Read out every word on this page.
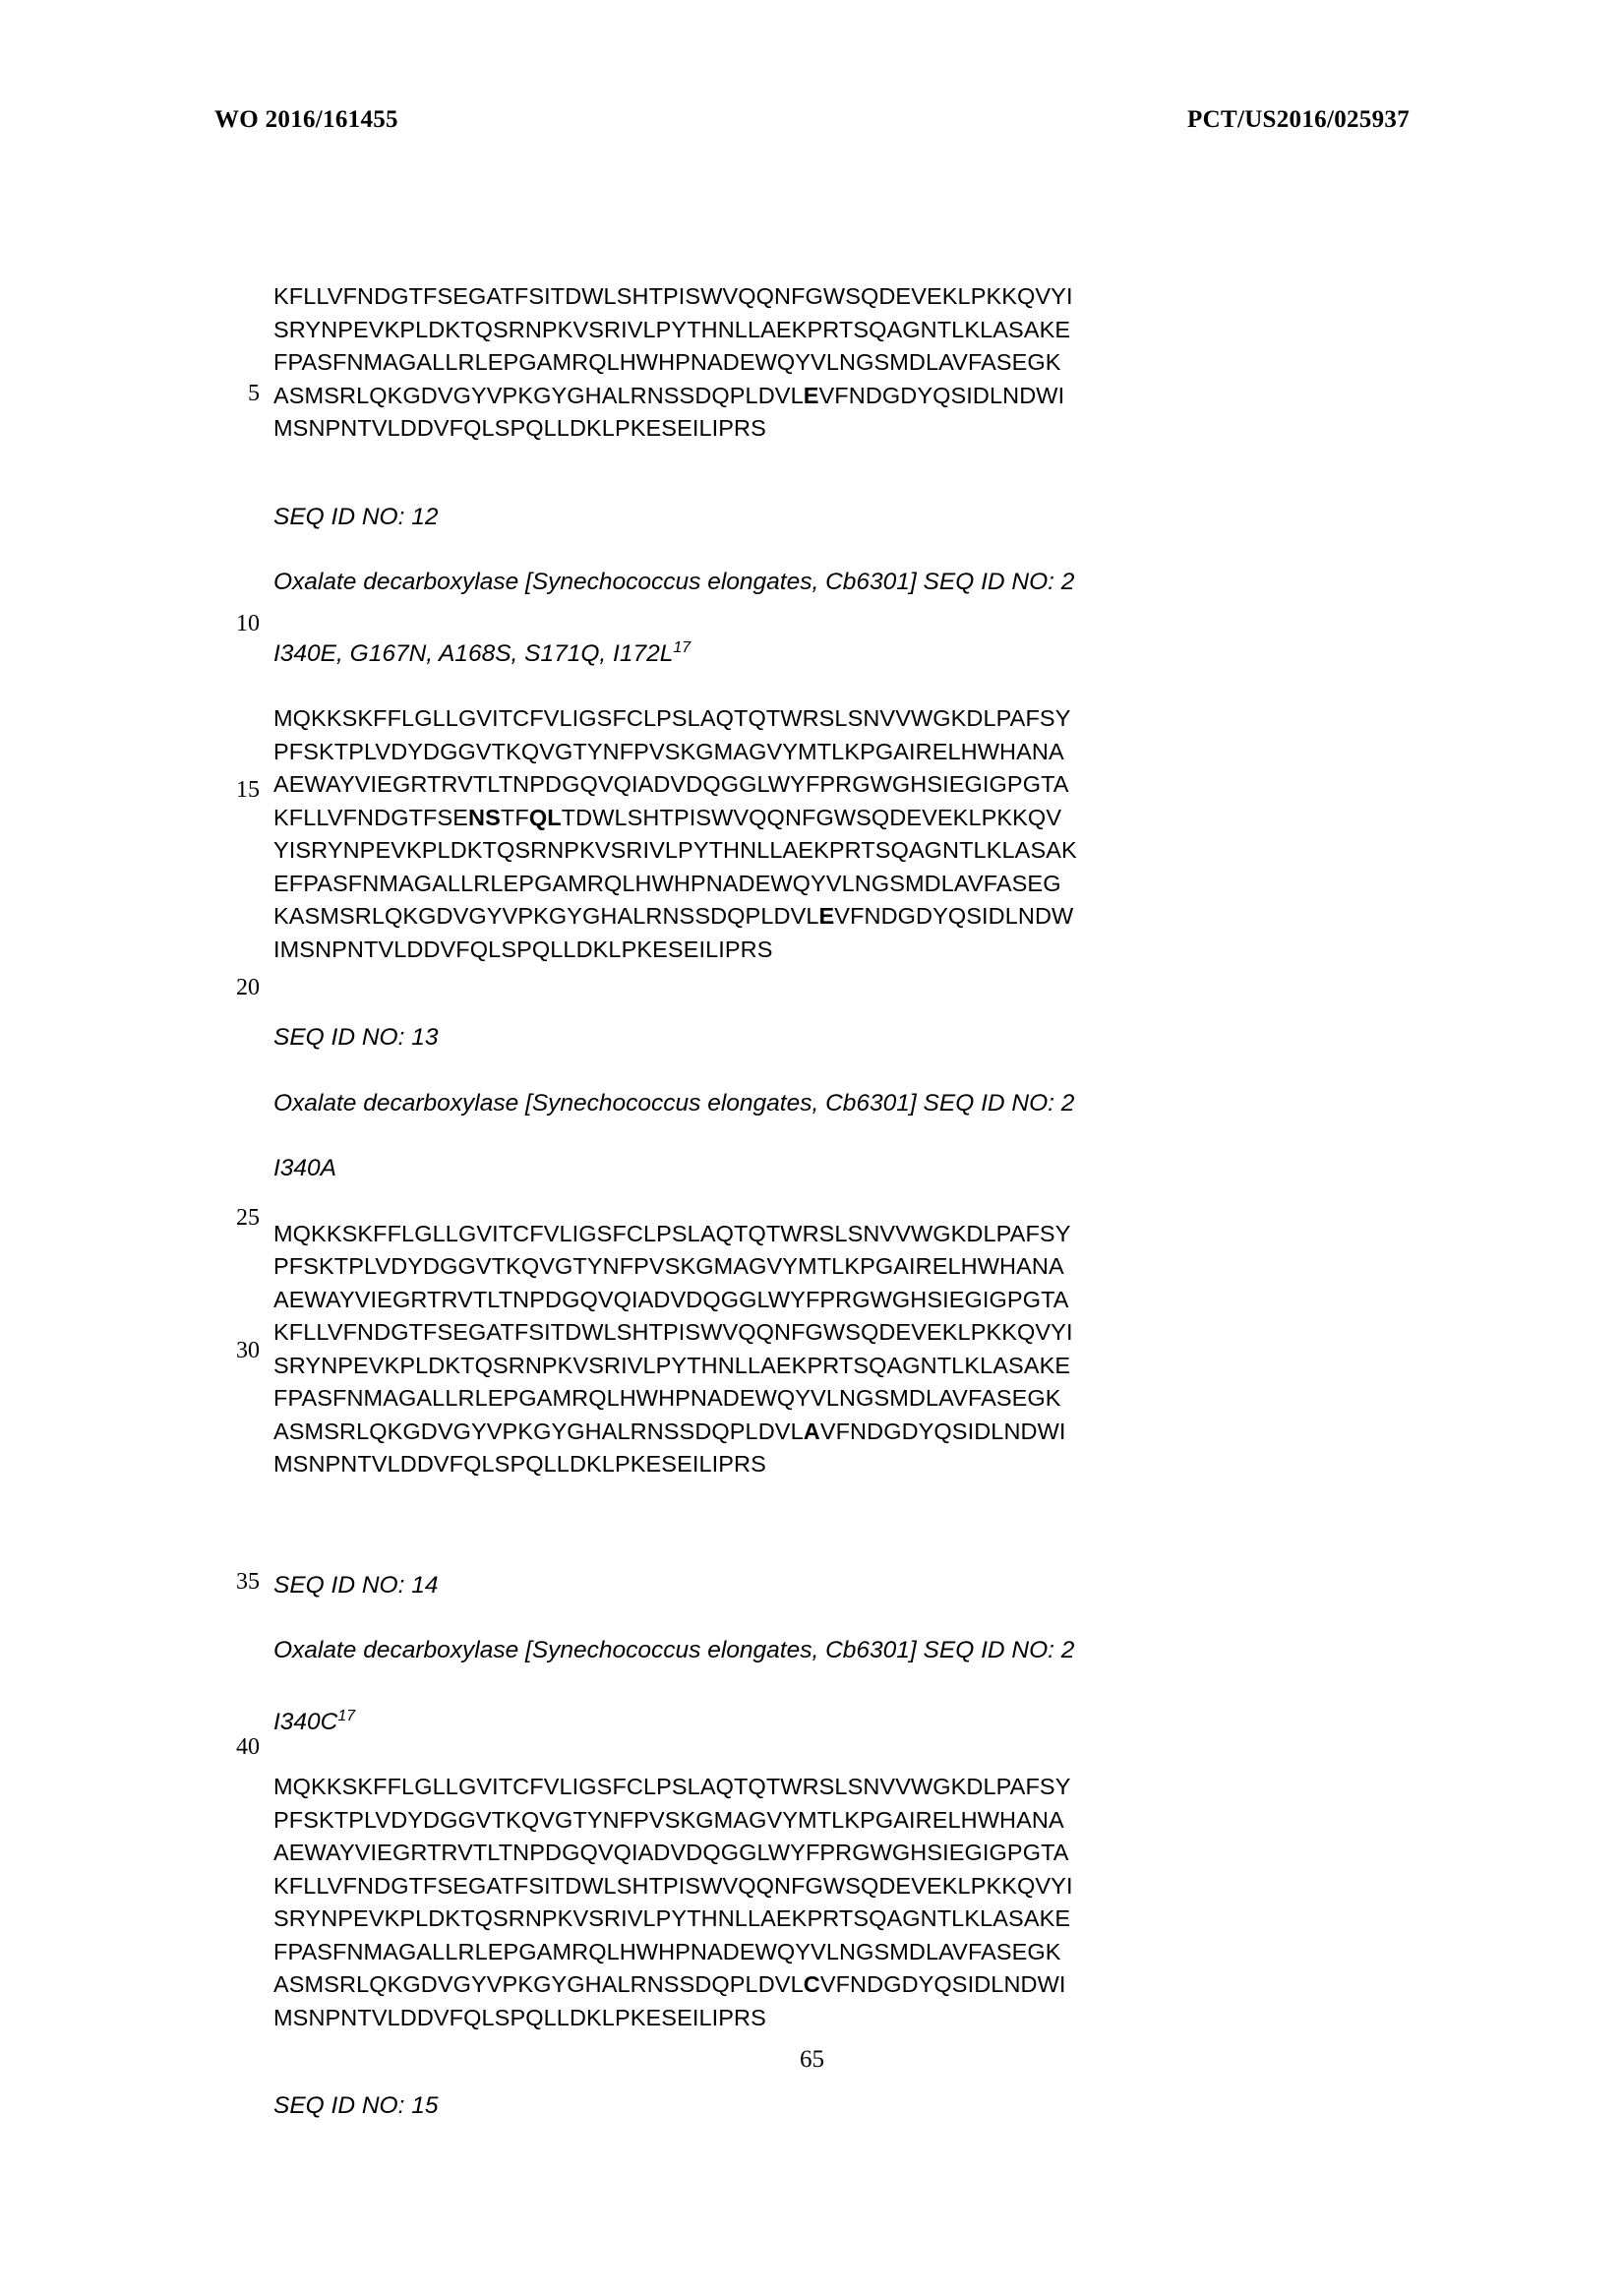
WO 2016/161455	PCT/US2016/025937
5
10
15
20
25
30
35
40

KFLLVFNDGTFSEGATFSITDWLSHTPISWVQQNFGWSQDEVEKLPKKQVYI
SRYNPEVKPLDKTQSRNPKVSRIVLPYTHNLLAEKPRTSQAGNTLKLASAKE
FPASFNMAGALLRLEPGAMRQLHWHPNADEWQYVLNGSMDLAVFASEGK
ASMSRLQKGDVGYVPKGYGHALRNSSDQPLDVLEVFNDGDYQSIDLNDWI
MSNPNTVLDDVFQLSPQLLDKLPKESEILIPRS

SEQ ID NO: 12

Oxalate decarboxylase [Synechococcus elongates, Cb6301] SEQ ID NO: 2

I340E, G167N, A168S, S171Q, $I172L^{17}$

MQKKSKFFLGLLGVITCFVLIGSFCLPSLAQTQTWRSLSNVVWGKDLPAFSY
PFSKTPLVDYDGGVTKQVGTYNFPVSKGMAGVYMTLKPGAIRELHWHANA
AEWAYVIEGRTRVTLTNPDGQVQIADVDQGGLWYFPRGWGHSIEGIGPGTA
KFLLVFNDGTFSENSTFQLTDWLSHTPISWVQQNFGWSQDEVEKLPKKQV
YISRYNPEVKPLDKTQSRNPKVSRIVLPYTHNLLAEKPRTSQAGNTLKLASAK
EFPASFNMAGALLRLEPGAMRQLHWHPNADEWQYVLNGSMDLAVFASEG
KASMSRLQKGDVGYVPKGYGHALRNSSDQPLDVLEVFNDGDYQSIDLNDW
IMSNPNTVLDDVFQLSPQLLDKLPKESEILIPRS

SEQ ID NO: 13

Oxalate decarboxylase [Synechococcus elongates, Cb6301] SEQ ID NO: 2

I340A

MQKKSKFFLGLLGVITCFVLIGSFCLPSLAQTQTWRSLSNVVWGKDLPAFSY
PFSKTPLVDYDGGVTKQVGTYNFPVSKGMAGVYMTLKPGAIRELHWHANA
AEWAYVIEGRTRVTLTNPDGQVQIADVDQGGLWYFPRGWGHSIEGIGPGTA
KFLLVFNDGTFSEGATFSITDWLSHTPISWVQQNFGWSQDEVEKLPKKQVYI
SRYNPEVKPLDKTQSRNPKVSRIVLPYTHNLLAEKPRTSQAGNTLKLASAKE
FPASFNMAGALLRLEPGAMRQLHWHPNADEWQYVLNGSMDLAVFASEGK
ASMSRLQKGDVGYVPKGYGHALRNSSDQPLDVLAVFNDGDYQSIDLNDWI
MSNPNTVLDDVFQLSPQLLDKLPKESEILIPRS

SEQ ID NO: 14

Oxalate decarboxylase [Synechococcus elongates, Cb6301] SEQ ID NO: 2

$I340C^{17}$

MQKKSKFFLGLLGVITCFVLIGSFCLPSLAQTQTWRSLSNVVWGKDLPAFSY
PFSKTPLVDYDGGVTKQVGTYNFPVSKGMAGVYMTLKPGAIRELHWHANA
AEWAYVIEGRTRVTLTNPDGQVQIADVDQGGLWYFPRGWGHSIEGIGPGTA
KFLLVFNDGTFSEGATFSITDWLSHTPISWVQQNFGWSQDEVEKLPKKQVYI
SRYNPEVKPLDKTQSRNPKVSRIVLPYTHNLLAEKPRTSQAGNTLKLASAKE
FPASFNMAGALLRLEPGAMRQLHWHPNADEWQYVLNGSMDLAVFASEGK
ASMSRLQKGDVGYVPKGYGHALRNSSDQPLDVLCVFNDGDYQSIDLNDWI
MSNPNTVLDDVFQLSPQLLDKLPKESEILIPRS

SEQ ID NO: 15

65
